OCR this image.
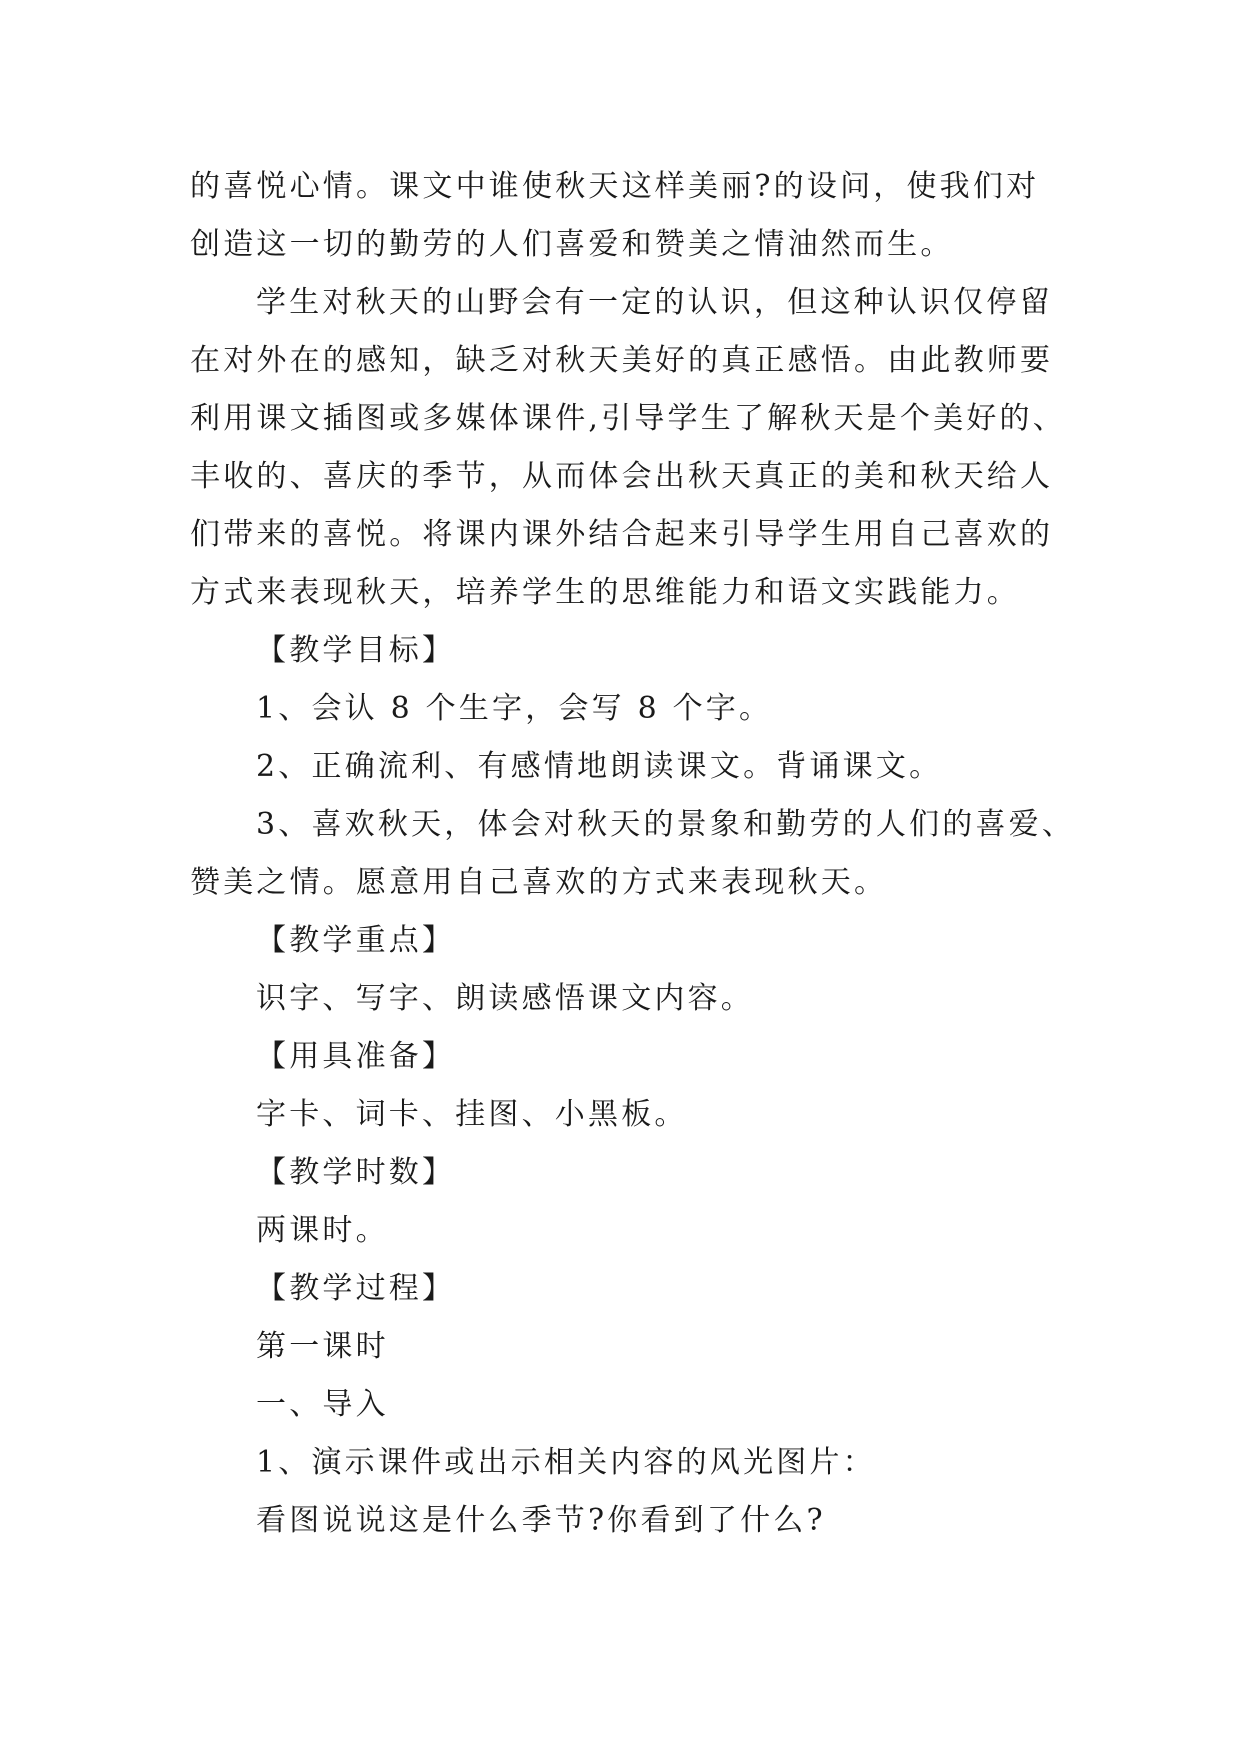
的喜悦心情。课文中谁使秋天这样美丽?的设问，使我们对

创造这一切的勤劳的人们喜爱和赞美之情油然而生。

学生对秋天的山野会有一定的认识，但这种认识仅停留

在对外在的感知，缺乏对秋天美好的真正感悟。由此教师要

利用课文插图或多媒体课件,引导学生了解秋天是个美好的、

丰收的、喜庆的季节，从而体会出秋天真正的美和秋天给人

们带来的喜悦。将课内课外结合起来引导学生用自己喜欢的

方式来表现秋天，培养学生的思维能力和语文实践能力。

【教学目标】

1、会认 8 个生字，会写 8 个字。

2、正确流利、有感情地朗读课文。背诵课文。

3、喜欢秋天，体会对秋天的景象和勤劳的人们的喜爱、

赞美之情。愿意用自己喜欢的方式来表现秋天。

【教学重点】

识字、写字、朗读感悟课文内容。

【用具准备】

字卡、词卡、挂图、小黑板。

【教学时数】

两课时。

【教学过程】

第一课时

一、导入

1、演示课件或出示相关内容的风光图片：

看图说说这是什么季节?你看到了什么?
